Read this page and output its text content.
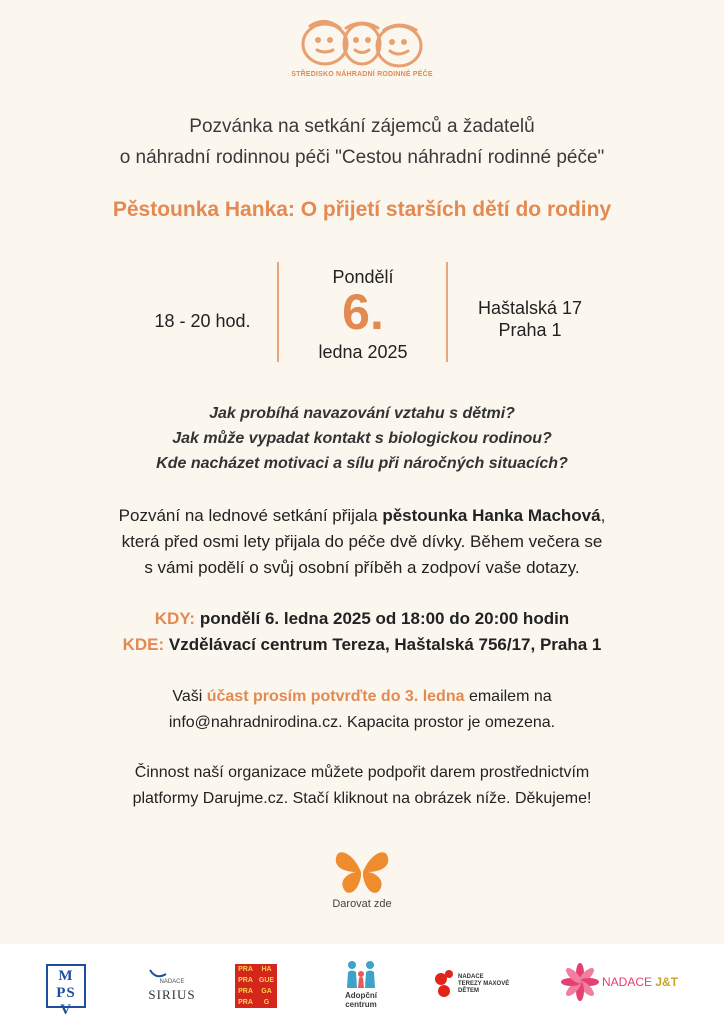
STŘEDISKO NÁHRADNÍ RODINNÉ PÉČE
Pozvánka na setkání zájemců a žadatelů
o náhradní rodinnou péči "Cestou náhradní rodinné péče"
Pěstounka Hanka: O přijetí starších dětí do rodiny
18 - 20 hod.
Pondělí
6.
ledna 2025
Haštalská 17
Praha 1
Jak probíhá navazování vztahu s dětmi?
Jak může vypadat kontakt s biologickou rodinou?
Kde nacházet motivaci a sílu při náročných situacích?
Pozvání na lednové setkání přijala pěstounka Hanka Machová,
která před osmi lety přijala do péče dvě dívky. Během večera se
s vámi podělí o svůj osobní příběh a zodpoví vaše dotazy.
KDY: pondělí 6. ledna 2025 od 18:00 do 20:00 hodin
KDE: Vzdělávací centrum Tereza, Haštalská 756/17, Praha 1
Vaši účast prosím potvrďte do 3. ledna emailem na
info@nahradnirodina.cz. Kapacita prostor je omezena.
Činnost naší organizace můžete podpořit darem prostřednictvím
platformy Darujme.cz. Stačí kliknout na obrázek níže. Děkujeme!
Darovat zde
MPSV
NADACE
SIRIUS
PRA	HA
PRA GUE
PRA	GA
PRA	G
Adopční
centrum
NADACE
TEREZY MAXOVÉ
DĚTEM
NADACE J&T
